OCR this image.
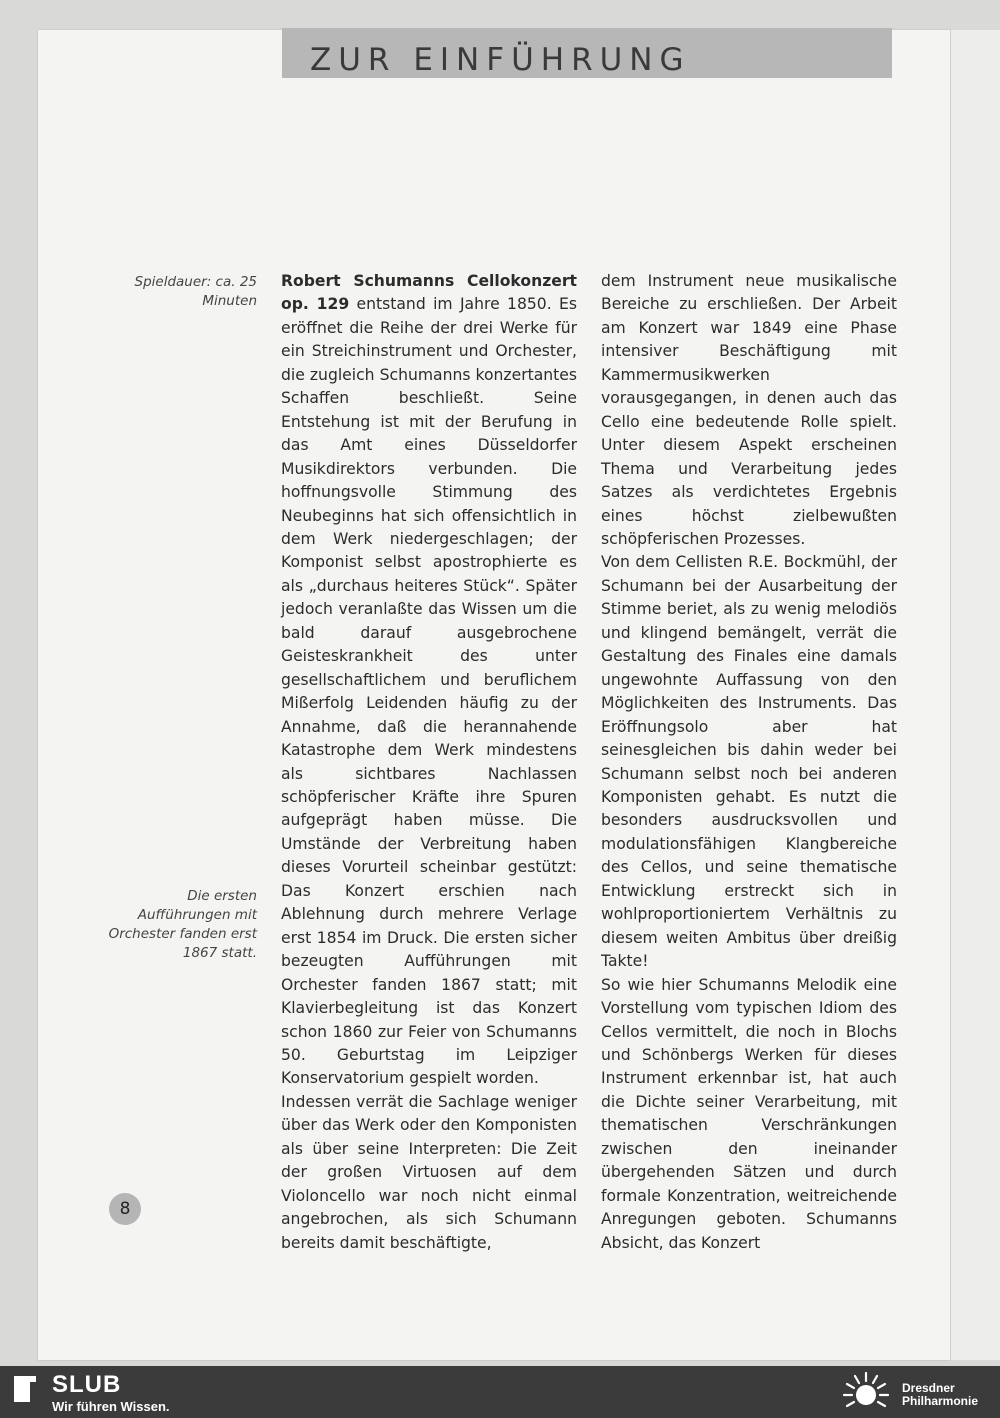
ZUR EINFÜHRUNG
Spieldauer: ca. 25 Minuten
Die ersten Aufführungen mit Orchester fanden erst 1867 statt.

Robert Schumanns Cellokonzert op. 129 entstand im Jahre 1850. Es eröffnet die Reihe der drei Werke für ein Streichinstrument und Orchester, die zugleich Schumanns konzertantes Schaffen beschließt. Seine Entstehung ist mit der Berufung in das Amt eines Düsseldorfer Musikdirektors verbunden. Die hoffnungsvolle Stimmung des Neubeginns hat sich offensichtlich in dem Werk niedergeschlagen; der Komponist selbst apostrophierte es als „durchaus heiteres Stück“. Später jedoch veranlaßte das Wissen um die bald darauf ausgebrochene Geisteskrankheit des unter gesellschaftlichem und beruflichem Mißerfolg Leidenden häufig zu der Annahme, daß die herannahende Katastrophe dem Werk mindestens als sichtbares Nachlassen schöpferischer Kräfte ihre Spuren aufgeprägt haben müsse. Die Umstände der Verbreitung haben dieses Vorurteil scheinbar gestützt: Das Konzert erschien nach Ablehnung durch mehrere Verlage erst 1854 im Druck. Die ersten sicher bezeugten Aufführungen mit Orchester fanden 1867 statt; mit Klavierbegleitung ist das Konzert schon 1860 zur Feier von Schumanns 50. Geburtstag im Leipziger Konservatorium gespielt worden.

Indessen verrät die Sachlage weniger über das Werk oder den Komponisten als über seine Interpreten: Die Zeit der großen Virtuosen auf dem Violoncello war noch nicht einmal angebrochen, als sich Schumann bereits damit beschäftigte,

dem Instrument neue musikalische Bereiche zu erschließen. Der Arbeit am Konzert war 1849 eine Phase intensiver Beschäftigung mit Kammermusikwerken vorausgegangen, in denen auch das Cello eine bedeutende Rolle spielt. Unter diesem Aspekt erscheinen Thema und Verarbeitung jedes Satzes als verdichtetes Ergebnis eines höchst zielbewußten schöpferischen Prozesses.

Von dem Cellisten R.E. Bockmühl, der Schumann bei der Ausarbeitung der Stimme beriet, als zu wenig melodiös und klingend bemängelt, verrät die Gestaltung des Finales eine damals ungewohnte Auffassung von den Möglichkeiten des Instruments. Das Eröffnungsolo aber hat seinesgleichen bis dahin weder bei Schumann selbst noch bei anderen Komponisten gehabt. Es nutzt die besonders ausdrucksvollen und modulationsfähigen Klangbereiche des Cellos, und seine thematische Entwicklung erstreckt sich in wohlproportioniertem Verhältnis zu diesem weiten Ambitus über dreißig Takte!

So wie hier Schumanns Melodik eine Vorstellung vom typischen Idiom des Cellos vermittelt, die noch in Blochs und Schönbergs Werken für dieses Instrument erkennbar ist, hat auch die Dichte seiner Verarbeitung, mit thematischen Verschränkungen zwischen den ineinander übergehenden Sätzen und durch formale Konzentration, weitreichende Anregungen geboten. Schumanns Absicht, das Konzert

8
SLUB
Wir führen Wissen.
Dresdner
Philharmonie
